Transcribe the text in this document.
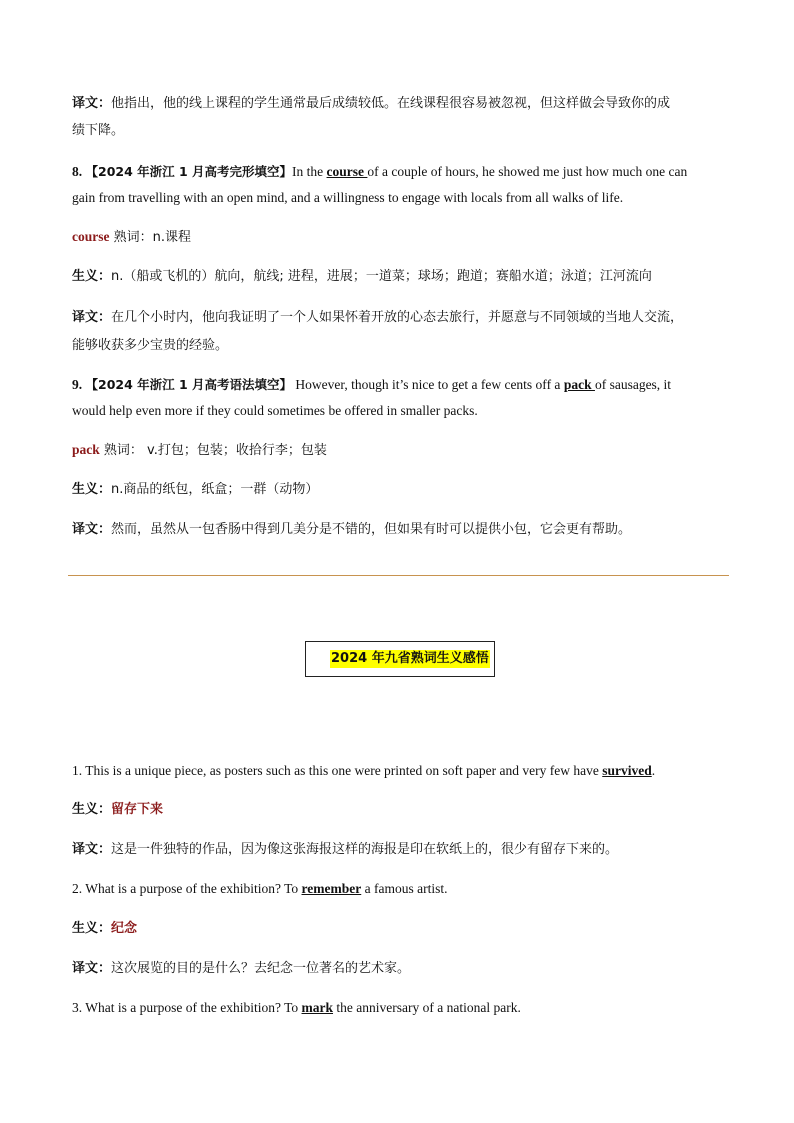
译文：他指出，他的线上课程的学生通常最后成绩较低。在线课程很容易被忽视，但这样做会导致你的成
绩下降。
8. 【2024 年浙江 1 月高考完形填空】In the course of a couple of hours, he showed me just how much one can
gain from travelling with an open mind, and a willingness to engage with locals from all walks of life.
course 熟词：n.课程
生义：n.（船或飞机的）航向，航线; 进程，进展；一道菜；球场；跑道；赛船水道；泳道；江河流向
译文：在几个小时内，他向我证明了一个人如果怀着开放的心态去旅行，并愿意与不同领域的当地人交流，
能够收获多少宝贵的经验。
9. 【2024 年浙江 1 月高考语法填空】 However, though it’s nice to get a few cents off a pack of sausages, it
would help even more if they could sometimes be offered in smaller packs.
pack 熟词： v.打包；包装；收拾行李；包装
生义：n.商品的纸包，纸盒；一群（动物）
译文：然而，虽然从一包香肠中得到几美分是不错的，但如果有时可以提供小包，它会更有帮助。
2024 年九省熟词生义感悟
1. This is a unique piece, as posters such as this one were printed on soft paper and very few have survived.
生义：留存下来
译文：这是一件独特的作品，因为像这张海报这样的海报是印在软纸上的，很少有留存下来的。
2. What is a purpose of the exhibition? To remember a famous artist.
生义：纪念
译文：这次展览的目的是什么？去纪念一位著名的艺术家。
3. What is a purpose of the exhibition? To mark the anniversary of a national park.
